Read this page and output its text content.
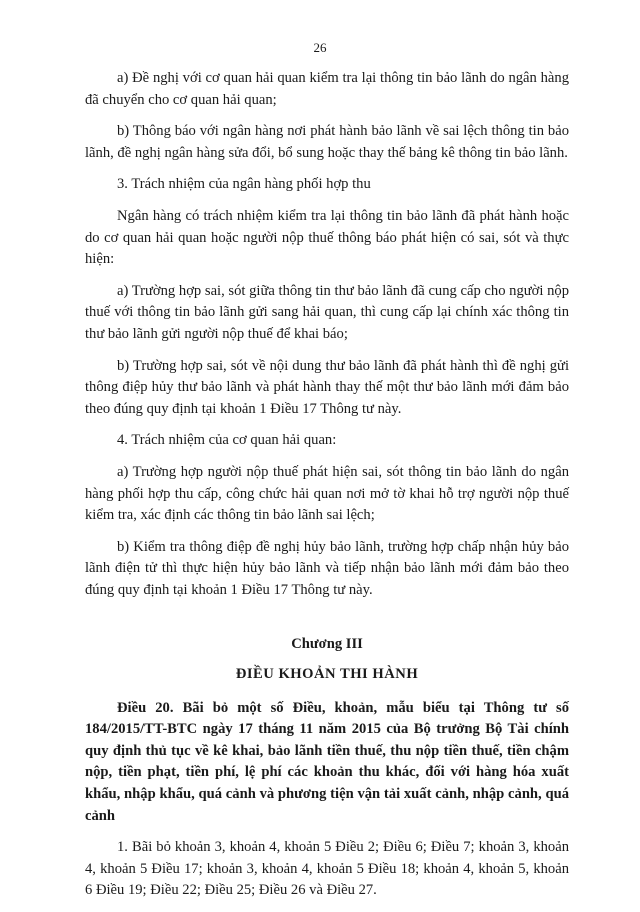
26

a) Đề nghị với cơ quan hải quan kiểm tra lại thông tin bảo lãnh do ngân hàng đã chuyển cho cơ quan hải quan;

b) Thông báo với ngân hàng nơi phát hành bảo lãnh về sai lệch thông tin bảo lãnh, đề nghị ngân hàng sửa đổi, bổ sung hoặc thay thế bảng kê thông tin bảo lãnh.

3. Trách nhiệm của ngân hàng phối hợp thu

Ngân hàng có trách nhiệm kiểm tra lại thông tin bảo lãnh đã phát hành hoặc do cơ quan hải quan hoặc người nộp thuế thông báo phát hiện có sai, sót và thực hiện:

a) Trường hợp sai, sót giữa thông tin thư bảo lãnh đã cung cấp cho người nộp thuế với thông tin bảo lãnh gửi sang hải quan, thì cung cấp lại chính xác thông tin thư bảo lãnh gửi người nộp thuế để khai báo;

b) Trường hợp sai, sót về nội dung thư bảo lãnh đã phát hành thì đề nghị gửi thông điệp hủy thư bảo lãnh và phát hành thay thế một thư bảo lãnh mới đảm bảo theo đúng quy định tại khoản 1 Điều 17 Thông tư này.

4. Trách nhiệm của cơ quan hải quan:

a) Trường hợp người nộp thuế phát hiện sai, sót thông tin bảo lãnh do ngân hàng phối hợp thu cấp, công chức hải quan nơi mở tờ khai hỗ trợ người nộp thuế kiểm tra, xác định các thông tin bảo lãnh sai lệch;

b) Kiểm tra thông điệp đề nghị hủy bảo lãnh, trường hợp chấp nhận hủy bảo lãnh điện tử thì thực hiện hủy bảo lãnh và tiếp nhận bảo lãnh mới đảm bảo theo đúng quy định tại khoản 1 Điều 17 Thông tư này.

Chương III
ĐIỀU KHOẢN THI HÀNH

Điều 20. Bãi bỏ một số Điều, khoản, mẫu biểu tại Thông tư số 184/2015/TT-BTC ngày 17 tháng 11 năm 2015 của Bộ trưởng Bộ Tài chính quy định thủ tục về kê khai, bảo lãnh tiền thuế, thu nộp tiền thuế, tiền chậm nộp, tiền phạt, tiền phí, lệ phí các khoản thu khác, đối với hàng hóa xuất khẩu, nhập khẩu, quá cảnh và phương tiện vận tải xuất cảnh, nhập cảnh, quá cảnh

1. Bãi bỏ khoản 3, khoản 4, khoản 5 Điều 2; Điều 6; Điều 7; khoản 3, khoản 4, khoản 5 Điều 17; khoản 3, khoản 4, khoản 5 Điều 18; khoản 4, khoản 5, khoản 6 Điều 19; Điều 22; Điều 25; Điều 26 và Điều 27.
